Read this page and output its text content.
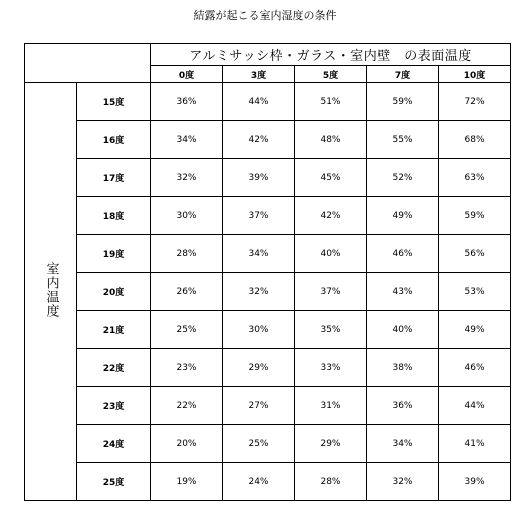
結露が起こる室内湿度の条件
		アルミサッシ枠・ガラス・室内壁　の表面温度				
		0度	3度	5度	7度	10度
室内温度	15度	36%	44%	51%	59%	72%
	16度	34%	42%	48%	55%	68%
	17度	32%	39%	45%	52%	63%
	18度	30%	37%	42%	49%	59%
	19度	28%	34%	40%	46%	56%
	20度	26%	32%	37%	43%	53%
	21度	25%	30%	35%	40%	49%
	22度	23%	29%	33%	38%	46%
	23度	22%	27%	31%	36%	44%
	24度	20%	25%	29%	34%	41%
	25度	19%	24%	28%	32%	39%
